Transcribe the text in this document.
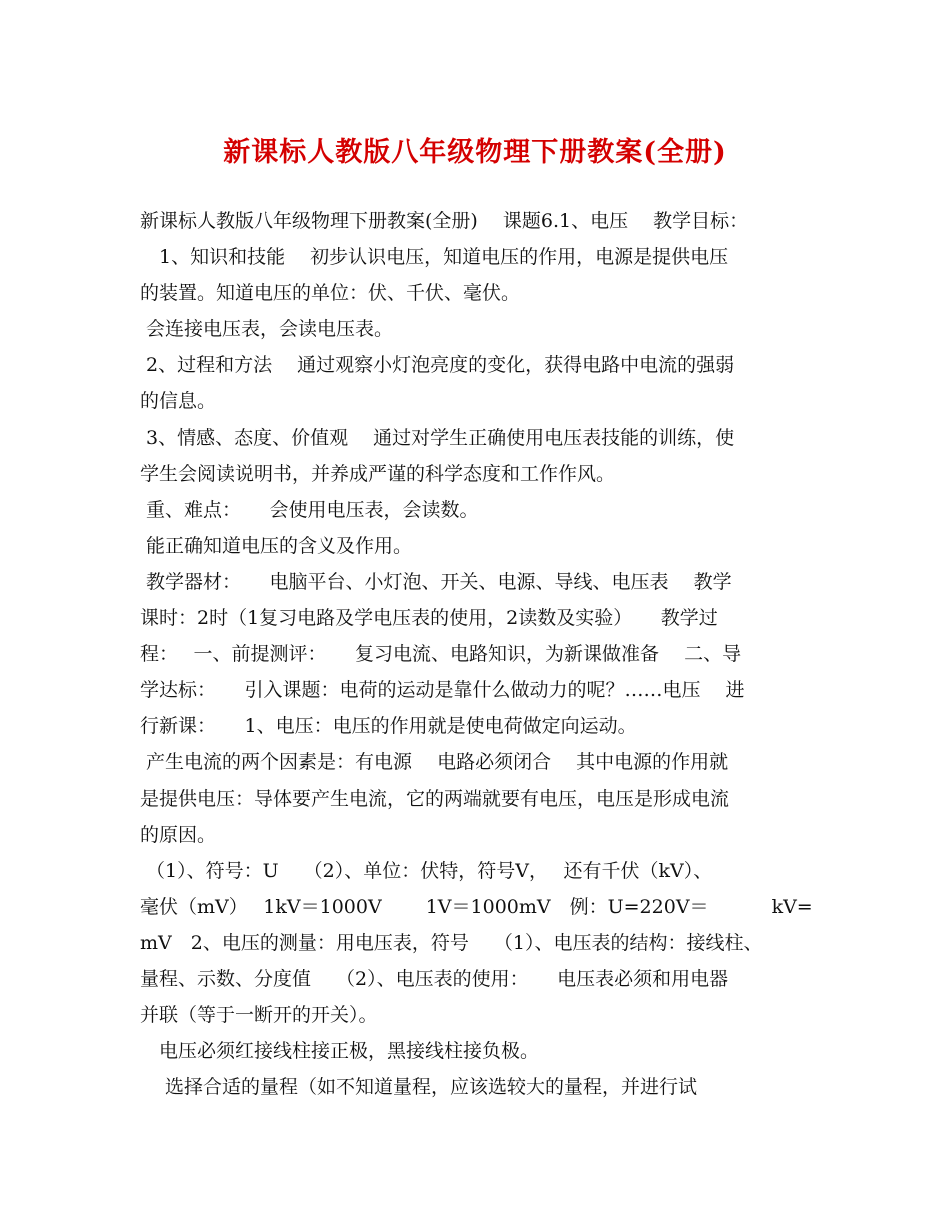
新课标人教版八年级物理下册教案(全册)
新课标人教版八年级物理下册教案(全册)　 课题6.1、电压　 教学目标：
　1、知识和技能　 初步认识电压，知道电压的作用，电源是提供电压
的装置。知道电压的单位：伏、千伏、毫伏。
会连接电压表，会读电压表。
2、过程和方法　 通过观察小灯泡亮度的变化，获得电路中电流的强弱
的信息。
3、情感、态度、价值观　 通过对学生正确使用电压表技能的训练，使
学生会阅读说明书，并养成严谨的科学态度和工作作风。
重、难点：　　会使用电压表，会读数。
能正确知道电压的含义及作用。
教学器材：　　电脑平台、小灯泡、开关、电源、导线、电压表　 教学
课时：2时（1复习电路及学电压表的使用，2读数及实验）　　教学过
程：　 一、前提测评：　　复习电流、电路知识，为新课做准备　 二、导
学达标：　　引入课题：电荷的运动是靠什么做动力的呢？……电压　 进
行新课：　　1、电压：电压的作用就是使电荷做定向运动。
产生电流的两个因素是：有电源　 电路必须闭合　 其中电源的作用就
是提供电压：导体要产生电流，它的两端就要有电压，电压是形成电流
的原因。
（1）、符号：U　 （2）、单位：伏特，符号V，　 还有千伏（kV）、
毫伏（mV）　 1kV＝1000V　　 1V＝1000mV　例：U=220V＝　　　 kV=
mV　2、电压的测量：用电压表，符号　 （1）、电压表的结构：接线柱、
量程、示数、分度值　 （2）、电压表的使用：　　电压表必须和用电器
并联（等于一断开的开关）。
　电压必须红接线柱接正极，黑接线柱接负极。
　 选择合适的量程（如不知道量程，应该选较大的量程，并进行试
